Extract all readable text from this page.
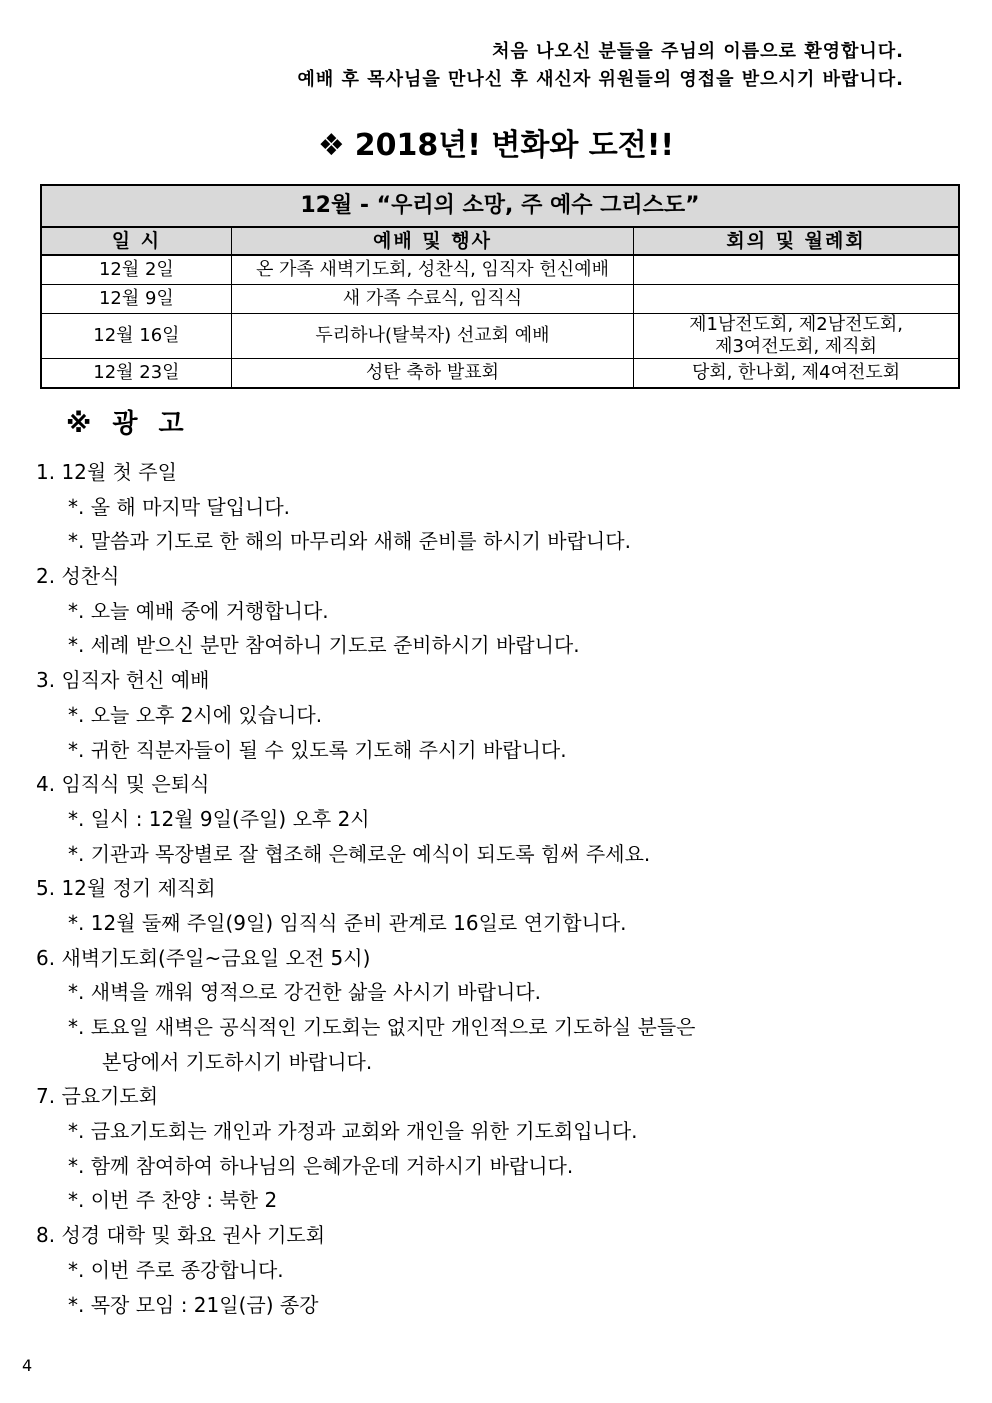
처음 나오신 분들을 주님의 이름으로 환영합니다.
예배 후 목사님을 만나신 후 새신자 위원들의 영접을 받으시기 바랍니다.
❖ 2018년! 변화와 도전!!
12월 - “우리의 소망, 주 예수 그리스도”		
일 시	예배 및 행사	회의 및 월례회
12월 2일	온 가족 새벽기도회, 성찬식, 임직자 헌신예배	
12월 9일	새 가족 수료식, 임직식	
12월 16일	두리하나(탈북자) 선교회 예배	제1남전도회, 제2남전도회,
제3여전도회, 제직회

12월 23일	성탄 축하 발표회	당회, 한나회, 제4여전도회
※ 광 고
1. 12월 첫 주일
*. 올 해 마지막 달입니다.
*. 말씀과 기도로 한 해의 마무리와 새해 준비를 하시기 바랍니다.
2. 성찬식
*. 오늘 예배 중에 거행합니다.
*. 세례 받으신 분만 참여하니 기도로 준비하시기 바랍니다.
3. 임직자 헌신 예배
*. 오늘 오후 2시에 있습니다.
*. 귀한 직분자들이 될 수 있도록 기도해 주시기 바랍니다.
4. 임직식 및 은퇴식
*. 일시 : 12월 9일(주일) 오후 2시
*. 기관과 목장별로 잘 협조해 은혜로운 예식이 되도록 힘써 주세요.
5. 12월 정기 제직회
*. 12월 둘째 주일(9일) 임직식 준비 관계로 16일로 연기합니다.
6. 새벽기도회(주일~금요일 오전 5시)
*. 새벽을 깨워 영적으로 강건한 삶을 사시기 바랍니다.
*. 토요일 새벽은 공식적인 기도회는 없지만 개인적으로 기도하실 분들은
본당에서 기도하시기 바랍니다.
7. 금요기도회
*. 금요기도회는 개인과 가정과 교회와 개인을 위한 기도회입니다.
*. 함께 참여하여 하나님의 은혜가운데 거하시기 바랍니다.
*. 이번 주 찬양 : 북한 2
8. 성경 대학 및 화요 권사 기도회
*. 이번 주로 종강합니다.
*. 목장 모임 : 21일(금) 종강
4
